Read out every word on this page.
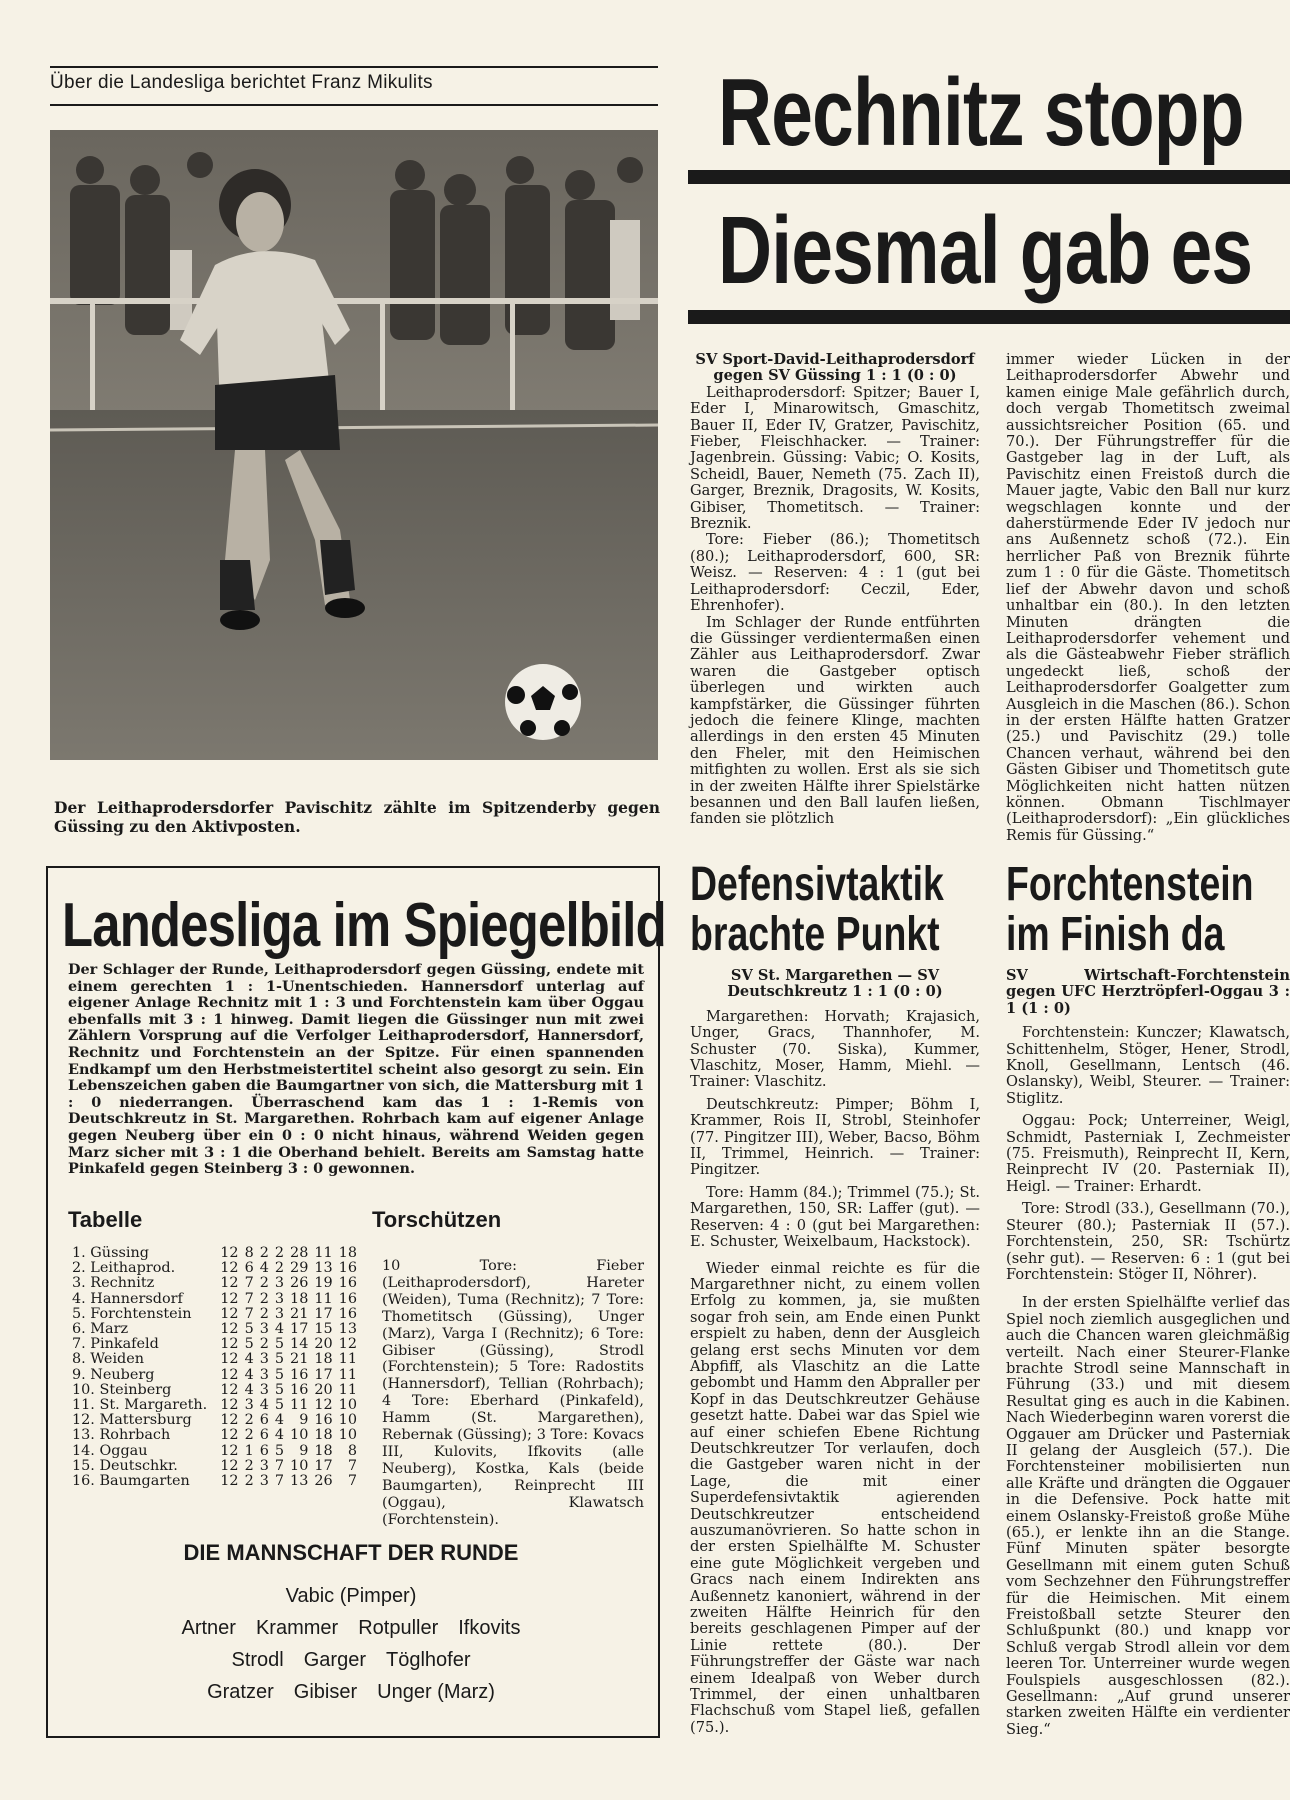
Über die Landesliga berichtet Franz Mikulits
Der Leithaprodersdorfer Pavischitz zählte im Spitzenderby gegen Güssing zu den Aktivposten.
Rechnitz stopp
Diesmal gab es

SV Sport-David-Leithaprodersdorf gegen SV Güssing 1 : 1 (0 : 0)

Leithaprodersdorf: Spitzer; Bauer I, Eder I, Minarowitsch, Gmaschitz, Bauer II, Eder IV, Gratzer, Pavischitz, Fieber, Fleischhacker. — Trainer: Jagenbrein. Güssing: Vabic; O. Kosits, Scheidl, Bauer, Nemeth (75. Zach II), Garger, Breznik, Dragosits, W. Kosits, Gibiser, Thometitsch. — Trainer: Breznik.

Tore: Fieber (86.); Thometitsch (80.); Leithaprodersdorf, 600, SR: Weisz. — Reserven: 4 : 1 (gut bei Leithaprodersdorf: Ceczil, Eder, Ehrenhofer).

Im Schlager der Runde entführten die Güssinger verdientermaßen einen Zähler aus Leithaprodersdorf. Zwar waren die Gastgeber optisch überlegen und wirkten auch kampfstärker, die Güssinger führten jedoch die feinere Klinge, machten allerdings in den ersten 45 Minuten den Fheler, mit den Heimischen mitfighten zu wollen. Erst als sie sich in der zweiten Hälfte ihrer Spielstärke besannen und den Ball laufen ließen, fanden sie plötzlich

immer wieder Lücken in der Leithaprodersdorfer Abwehr und kamen einige Male gefährlich durch, doch vergab Thometitsch zweimal aussichtsreicher Position (65. und 70.). Der Führungstreffer für die Gastgeber lag in der Luft, als Pavischitz einen Freistoß durch die Mauer jagte, Vabic den Ball nur kurz wegschlagen konnte und der daherstürmende Eder IV jedoch nur ans Außennetz schoß (72.). Ein herrlicher Paß von Breznik führte zum 1 : 0 für die Gäste. Thometitsch lief der Abwehr davon und schoß unhaltbar ein (80.). In den letzten Minuten drängten die Leithaprodersdorfer vehement und als die Gästeabwehr Fieber sträflich ungedeckt ließ, schoß der Leithaprodersdorfer Goalgetter zum Ausgleich in die Maschen (86.). Schon in der ersten Hälfte hatten Gratzer (25.) und Pavischitz (29.) tolle Chancen verhaut, während bei den Gästen Gibiser und Thometitsch gute Möglichkeiten nicht hatten nützen können. Obmann Tischlmayer (Leithaprodersdorf): „Ein glückliches Remis für Güssing.“

Landesliga im Spiegelbild
Der Schlager der Runde, Leithaprodersdorf gegen Güssing, endete mit einem gerechten 1 : 1-Unentschieden. Hannersdorf unterlag auf eigener Anlage Rechnitz mit 1 : 3 und Forchtenstein kam über Oggau ebenfalls mit 3 : 1 hinweg. Damit liegen die Güssinger nun mit zwei Zählern Vorsprung auf die Verfolger Leithaprodersdorf, Hannersdorf, Rechnitz und Forchtenstein an der Spitze. Für einen spannenden Endkampf um den Herbstmeistertitel scheint also gesorgt zu sein. Ein Lebenszeichen gaben die Baumgartner von sich, die Mattersburg mit 1 : 0 niederrangen. Überraschend kam das 1 : 1-Remis von Deutschkreutz in St. Margarethen. Rohrbach kam auf eigener Anlage gegen Neuberg über ein 0 : 0 nicht hinaus, während Weiden gegen Marz sicher mit 3 : 1 die Oberhand behielt. Bereits am Samstag hatte Pinkafeld gegen Steinberg 3 : 0 gewonnen.
Tabelle
1. Güssing	12	8	2	2	28	11	18
2. Leithaprod.	12	6	4	2	29	13	16
3. Rechnitz	12	7	2	3	26	19	16
4. Hannersdorf	12	7	2	3	18	11	16
5. Forchtenstein	12	7	2	3	21	17	16
6. Marz	12	5	3	4	17	15	13
7. Pinkafeld	12	5	2	5	14	20	12
8. Weiden	12	4	3	5	21	18	11
9. Neuberg	12	4	3	5	16	17	11
10. Steinberg	12	4	3	5	16	20	11
11. St. Margareth.	12	3	4	5	11	12	10
12. Mattersburg	12	2	6	4	9	16	10
13. Rohrbach	12	2	6	4	10	18	10
14. Oggau	12	1	6	5	9	18	8
15. Deutschkr.	12	2	3	7	10	17	7
16. Baumgarten	12	2	3	7	13	26	7
Torschützen
10 Tore: Fieber (Leithaprodersdorf), Hareter (Weiden), Tuma (Rechnitz); 7 Tore: Thometitsch (Güssing), Unger (Marz), Varga I (Rechnitz); 6 Tore: Gibiser (Güssing), Strodl (Forchtenstein); 5 Tore: Radostits (Hannersdorf), Tellian (Rohrbach); 4 Tore: Eberhard (Pinkafeld), Hamm (St. Margarethen), Rebernak (Güssing); 3 Tore: Kovacs III, Kulovits, Ifkovits (alle Neuberg), Kostka, Kals (beide Baumgarten), Reinprecht III (Oggau), Klawatsch (Forchtenstein).
DIE MANNSCHAFT DER RUNDE
Vabic (Pimper)
Artner Krammer Rotpuller Ifkovits
Strodl Garger Töglhofer
Gratzer Gibiser Unger (Marz)
Defensivtaktik
brachte Punkt

SV St. Margarethen — SV Deutschkreutz 1 : 1 (0 : 0)

Margarethen: Horvath; Krajasich, Unger, Gracs, Thannhofer, M. Schuster (70. Siska), Kummer, Vlaschitz, Moser, Hamm, Miehl. — Trainer: Vlaschitz.

Deutschkreutz: Pimper; Böhm I, Krammer, Rois II, Strobl, Steinhofer (77. Pingitzer III), Weber, Bacso, Böhm II, Trimmel, Heinrich. — Trainer: Pingitzer.

Tore: Hamm (84.); Trimmel (75.); St. Margarethen, 150, SR: Laffer (gut). — Reserven: 4 : 0 (gut bei Margarethen: E. Schuster, Weixelbaum, Hackstock).

Wieder einmal reichte es für die Margarethner nicht, zu einem vollen Erfolg zu kommen, ja, sie mußten sogar froh sein, am Ende einen Punkt erspielt zu haben, denn der Ausgleich gelang erst sechs Minuten vor dem Abpfiff, als Vlaschitz an die Latte gebombt und Hamm den Abpraller per Kopf in das Deutschkreutzer Gehäuse gesetzt hatte. Dabei war das Spiel wie auf einer schiefen Ebene Richtung Deutschkreutzer Tor verlaufen, doch die Gastgeber waren nicht in der Lage, die mit einer Superdefensivtaktik agierenden Deutschkreutzer entscheidend auszumanövrieren. So hatte schon in der ersten Spielhälfte M. Schuster eine gute Möglichkeit vergeben und Gracs nach einem Indirekten ans Außennetz kanoniert, während in der zweiten Hälfte Heinrich für den bereits geschlagenen Pimper auf der Linie rettete (80.). Der Führungstreffer der Gäste war nach einem Idealpaß von Weber durch Trimmel, der einen unhaltbaren Flachschuß vom Stapel ließ, gefallen (75.).

Forchtenstein
im Finish da

SV Wirtschaft-Forchtenstein gegen UFC Herztröpferl-Oggau 3 : 1 (1 : 0)

Forchtenstein: Kunczer; Klawatsch, Schittenhelm, Stöger, Hener, Strodl, Knoll, Gesellmann, Lentsch (46. Oslansky), Weibl, Steurer. — Trainer: Stiglitz.

Oggau: Pock; Unterreiner, Weigl, Schmidt, Pasterniak I, Zechmeister (75. Freismuth), Reinprecht II, Kern, Reinprecht IV (20. Pasterniak II), Heigl. — Trainer: Erhardt.

Tore: Strodl (33.), Gesellmann (70.), Steurer (80.); Pasterniak II (57.). Forchtenstein, 250, SR: Tschürtz (sehr gut). — Reserven: 6 : 1 (gut bei Forchtenstein: Stöger II, Nöhrer).

In der ersten Spielhälfte verlief das Spiel noch ziemlich ausgeglichen und auch die Chancen waren gleichmäßig verteilt. Nach einer Steurer-Flanke brachte Strodl seine Mannschaft in Führung (33.) und mit diesem Resultat ging es auch in die Kabinen. Nach Wiederbeginn waren vorerst die Oggauer am Drücker und Pasterniak II gelang der Ausgleich (57.). Die Forchtensteiner mobilisierten nun alle Kräfte und drängten die Oggauer in die Defensive. Pock hatte mit einem Oslansky-Freistoß große Mühe (65.), er lenkte ihn an die Stange. Fünf Minuten später besorgte Gesellmann mit einem guten Schuß vom Sechzehner den Führungstreffer für die Heimischen. Mit einem Freistoßball setzte Steurer den Schlußpunkt (80.) und knapp vor Schluß vergab Strodl allein vor dem leeren Tor. Unterreiner wurde wegen Foulspiels ausgeschlossen (82.). Gesellmann: „Auf grund unserer starken zweiten Hälfte ein verdienter Sieg.“
